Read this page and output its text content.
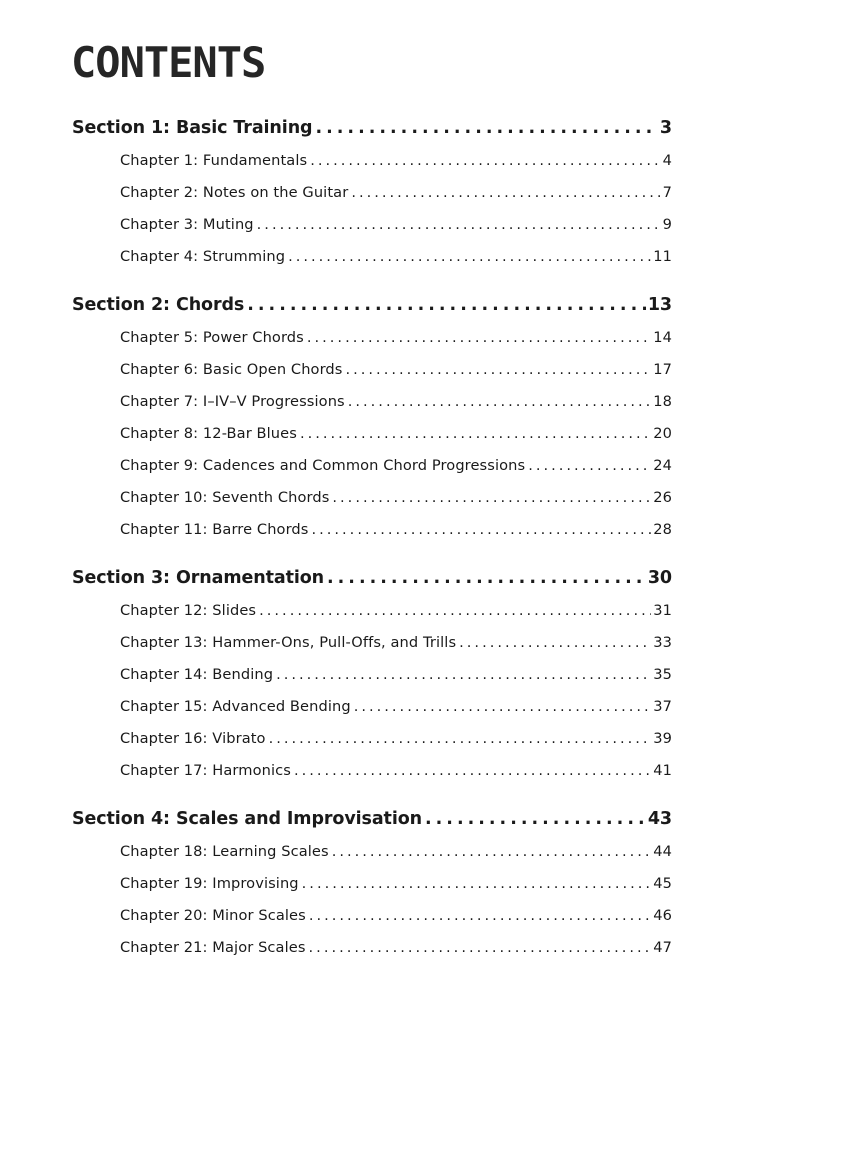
CONTENTS
Section 1: Basic Training .....	3
Chapter 1: Fundamentals .....	4
Chapter 2: Notes on the Guitar .....	7
Chapter 3: Muting .....	9
Chapter 4: Strumming .....	11
Section 2: Chords .....	13
Chapter 5: Power Chords .....	14
Chapter 6: Basic Open Chords .....	17
Chapter 7: I–IV–V Progressions .....	18
Chapter 8: 12-Bar Blues .....	20
Chapter 9: Cadences and Common Chord Progressions .....	24
Chapter 10: Seventh Chords .....	26
Chapter 11: Barre Chords .....	28
Section 3: Ornamentation .....	30
Chapter 12: Slides .....	31
Chapter 13: Hammer-Ons, Pull-Offs, and Trills .....	33
Chapter 14: Bending .....	35
Chapter 15: Advanced Bending .....	37
Chapter 16: Vibrato .....	39
Chapter 17: Harmonics .....	41
Section 4: Scales and Improvisation .....	43
Chapter 18: Learning Scales .....	44
Chapter 19: Improvising .....	45
Chapter 20: Minor Scales .....	46
Chapter 21: Major Scales .....	47
